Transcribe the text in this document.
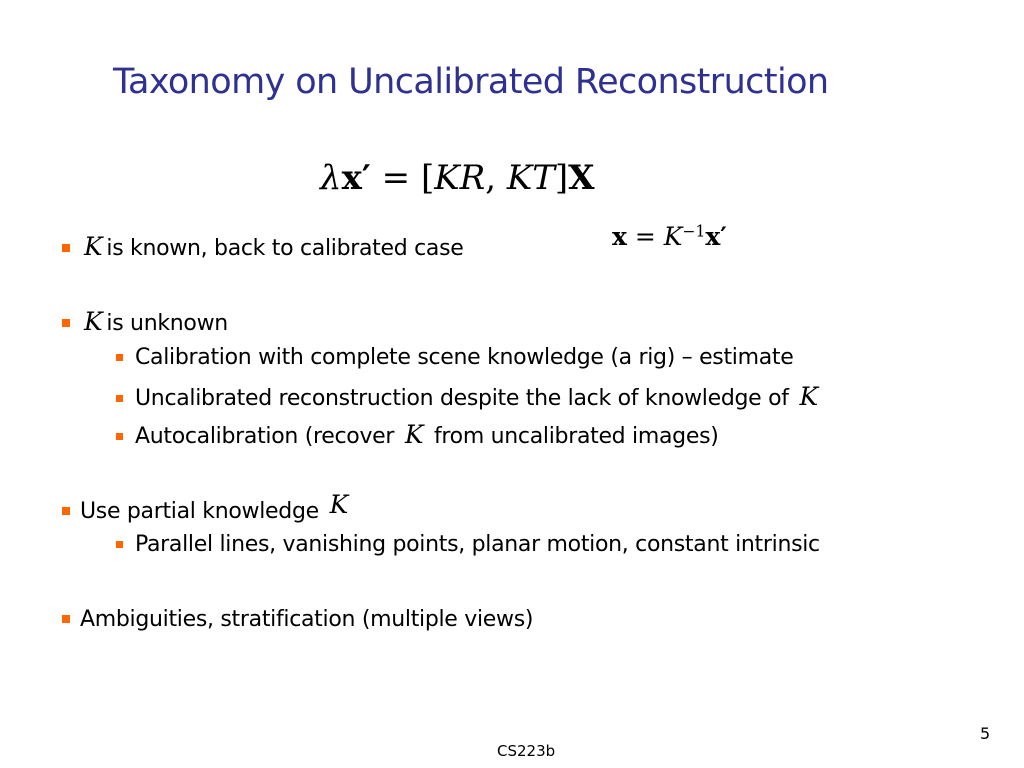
Taxonomy on Uncalibrated Reconstruction
λx′ = [KR, KT]X
$x = K^{-1}x'$
K is known, back to calibrated case
K is unknown
Calibration with complete scene knowledge (a rig) – estimate
Uncalibrated reconstruction despite the lack of knowledge of K
Autocalibration (recover K from uncalibrated images)
Use partial knowledge K
Parallel lines, vanishing points, planar motion, constant intrinsic
Ambiguities, stratification (multiple views)
CS223b
5
